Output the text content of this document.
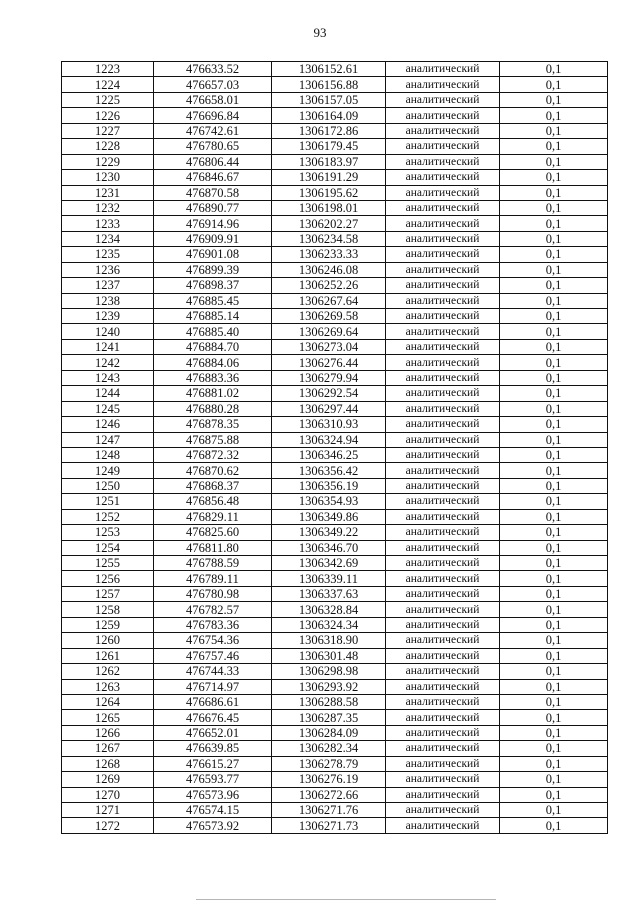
93
1223	476633.52	1306152.61	аналитический	0,1
1224	476657.03	1306156.88	аналитический	0,1
1225	476658.01	1306157.05	аналитический	0,1
1226	476696.84	1306164.09	аналитический	0,1
1227	476742.61	1306172.86	аналитический	0,1
1228	476780.65	1306179.45	аналитический	0,1
1229	476806.44	1306183.97	аналитический	0,1
1230	476846.67	1306191.29	аналитический	0,1
1231	476870.58	1306195.62	аналитический	0,1
1232	476890.77	1306198.01	аналитический	0,1
1233	476914.96	1306202.27	аналитический	0,1
1234	476909.91	1306234.58	аналитический	0,1
1235	476901.08	1306233.33	аналитический	0,1
1236	476899.39	1306246.08	аналитический	0,1
1237	476898.37	1306252.26	аналитический	0,1
1238	476885.45	1306267.64	аналитический	0,1
1239	476885.14	1306269.58	аналитический	0,1
1240	476885.40	1306269.64	аналитический	0,1
1241	476884.70	1306273.04	аналитический	0,1
1242	476884.06	1306276.44	аналитический	0,1
1243	476883.36	1306279.94	аналитический	0,1
1244	476881.02	1306292.54	аналитический	0,1
1245	476880.28	1306297.44	аналитический	0,1
1246	476878.35	1306310.93	аналитический	0,1
1247	476875.88	1306324.94	аналитический	0,1
1248	476872.32	1306346.25	аналитический	0,1
1249	476870.62	1306356.42	аналитический	0,1
1250	476868.37	1306356.19	аналитический	0,1
1251	476856.48	1306354.93	аналитический	0,1
1252	476829.11	1306349.86	аналитический	0,1
1253	476825.60	1306349.22	аналитический	0,1
1254	476811.80	1306346.70	аналитический	0,1
1255	476788.59	1306342.69	аналитический	0,1
1256	476789.11	1306339.11	аналитический	0,1
1257	476780.98	1306337.63	аналитический	0,1
1258	476782.57	1306328.84	аналитический	0,1
1259	476783.36	1306324.34	аналитический	0,1
1260	476754.36	1306318.90	аналитический	0,1
1261	476757.46	1306301.48	аналитический	0,1
1262	476744.33	1306298.98	аналитический	0,1
1263	476714.97	1306293.92	аналитический	0,1
1264	476686.61	1306288.58	аналитический	0,1
1265	476676.45	1306287.35	аналитический	0,1
1266	476652.01	1306284.09	аналитический	0,1
1267	476639.85	1306282.34	аналитический	0,1
1268	476615.27	1306278.79	аналитический	0,1
1269	476593.77	1306276.19	аналитический	0,1
1270	476573.96	1306272.66	аналитический	0,1
1271	476574.15	1306271.76	аналитический	0,1
1272	476573.92	1306271.73	аналитический	0,1
